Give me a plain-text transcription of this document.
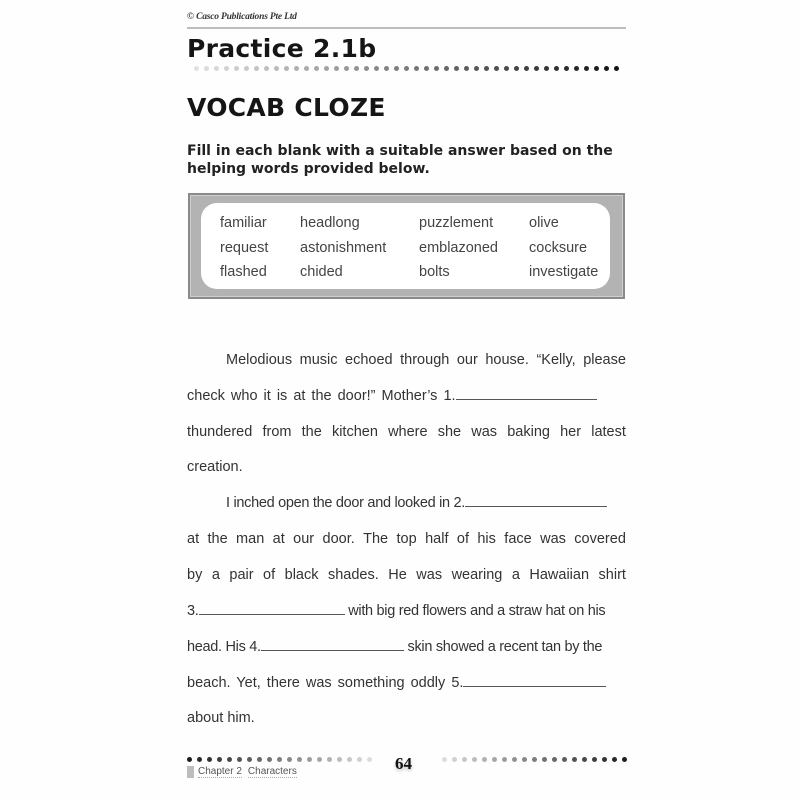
© Casco Publications Pte Ltd
Practice 2.1b
VOCAB CLOZE

Fill in each blank with a suitable answer based on the helping words provided below.

familiar	headlong	puzzlement	olive
request	astonishment	emblazoned	cocksure
flashed	chided	bolts	investigate
Melodious music echoed through our house. “Kelly, please
check who it is at the door!” Mother’s 1.
thundered from the kitchen where she was baking her latest
creation.
I inched open the door and looked in 2.
at the man at our door. The top half of his face was covered
by a pair of black shades. He was wearing a Hawaiian shirt
3.	with big red flowers and a straw hat on his
head. His 4.	skin showed a recent tan by the
beach. Yet, there was something oddly 5.
about him.
64
Chapter 2 Characters
